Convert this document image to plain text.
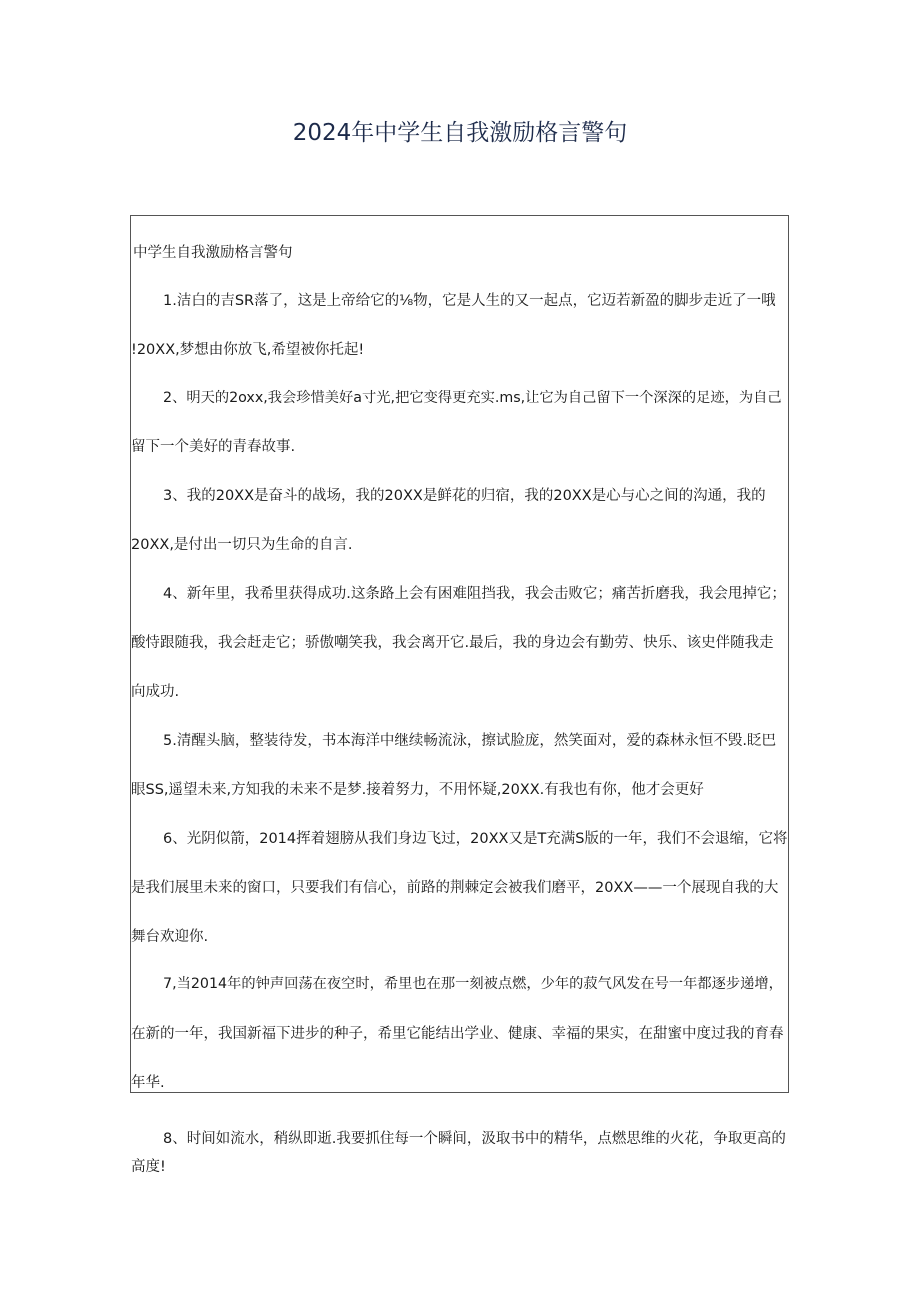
2024年中学生自我激励格言警句
中学生自我激励格言警句
1.洁白的吉SR落了，这是上帝给它的⅛物，它是人生的又一起点，它迈若新盈的脚步走近了一哦
!20XX,梦想由你放飞,希望被你托起!
2、明天的2oxx,我会珍惜美好a寸光,把它变得更充实.ms,让它为自己留下一个深深的足迹，为自己
留下一个美好的青春故事.
3、我的20XX是奋斗的战场，我的20XX是鲜花的归宿，我的20XX是心与心之间的沟通，我的
20XX,是付出一切只为生命的自言.
4、新年里，我希里获得成功.这条路上会有困难阻挡我，我会击败它；痛苦折磨我，我会甩掉它；
酸恃跟随我，我会赶走它；骄傲嘲笑我，我会离开它.最后，我的身边会有勤劳、快乐、该史伴随我走
向成功.
5.清醒头脑，整装待发，书本海洋中继续畅流泳，擦试脸庞，然笑面对，爱的森林永恒不毁.眨巴
眼SS,遥望未来,方知我的未来不是梦.接着努力，不用怀疑,20XX.有我也有你，他才会更好
6、光阴似箭，2014挥着翅膀从我们身边飞过，20XX又是T充满S版的一年，我们不会退缩，它将
是我们展里未来的窗口，只要我们有信心，前路的荆棘定会被我们磨平，20XX——一个展现自我的大
舞台欢迎你.
7,当2014年的钟声回荡在夜空时，希里也在那一刻被点燃，少年的菽气风发在号一年都逐步递增，
在新的一年，我国新福下进步的种子，希里它能结出学业、健康、幸福的果实，在甜蜜中度过我的育春
年华.
8、时间如流水，稍纵即逝.我要抓住每一个瞬间，汲取书中的精华，点燃思维的火花，争取更高的
高度!
